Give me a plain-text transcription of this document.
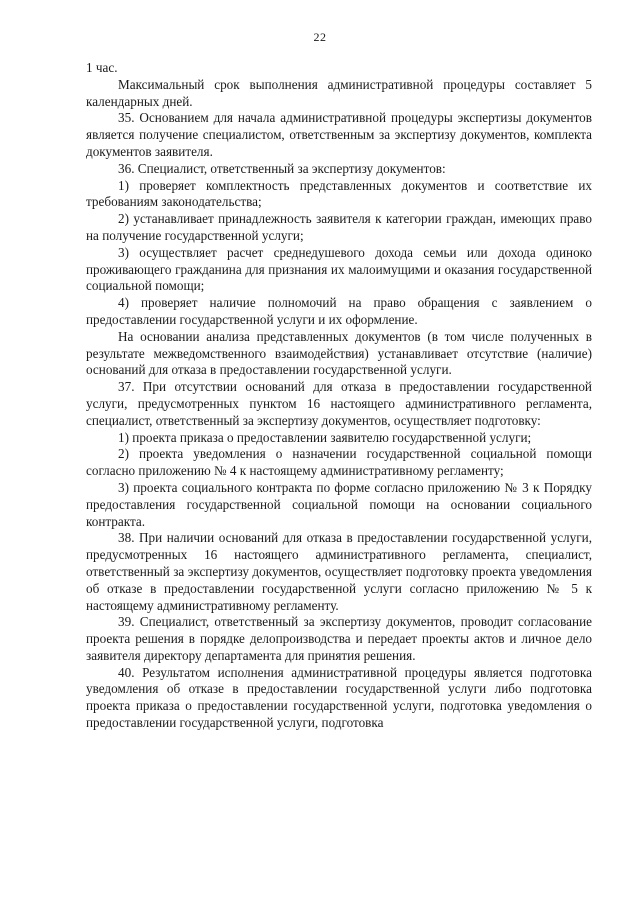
22

1 час.

Максимальный срок выполнения административной процедуры составляет 5 календарных дней.

35. Основанием для начала административной процедуры экспертизы документов является получение специалистом, ответственным за экспертизу документов, комплекта документов заявителя.

36. Специалист, ответственный за экспертизу документов:

1) проверяет комплектность представленных документов и соответствие их требованиям законодательства;

2) устанавливает принадлежность заявителя к категории граждан, имеющих право на получение государственной услуги;

3) осуществляет расчет среднедушевого дохода семьи или дохода одиноко проживающего гражданина для признания их малоимущими и оказания государственной социальной помощи;

4) проверяет наличие полномочий на право обращения с заявлением о предоставлении государственной услуги и их оформление.

На основании анализа представленных документов (в том числе полученных в результате межведомственного взаимодействия) устанавливает отсутствие (наличие) оснований для отказа в предоставлении государственной услуги.

37. При отсутствии оснований для отказа в предоставлении государственной услуги, предусмотренных пунктом 16 настоящего административного регламента, специалист, ответственный за экспертизу документов, осуществляет подготовку:

1) проекта приказа о предоставлении заявителю государственной услуги;

2) проекта уведомления о назначении государственной социальной помощи согласно приложению № 4 к настоящему административному регламенту;

3) проекта социального контракта по форме согласно приложению № 3 к Порядку предоставления государственной социальной помощи на основании социального контракта.

38. При наличии оснований для отказа в предоставлении государственной услуги, предусмотренных 16 настоящего административного регламента, специалист, ответственный за экспертизу документов, осуществляет подготовку проекта уведомления об отказе в предоставлении государственной услуги согласно приложению № 5 к настоящему административному регламенту.

39. Специалист, ответственный за экспертизу документов, проводит согласование проекта решения в порядке делопроизводства и передает проекты актов и личное дело заявителя директору департамента для принятия решения.

40. Результатом исполнения административной процедуры является подготовка уведомления об отказе в предоставлении государственной услуги либо подготовка проекта приказа о предоставлении государственной услуги, подготовка уведомления о предоставлении государственной услуги, подготовка
